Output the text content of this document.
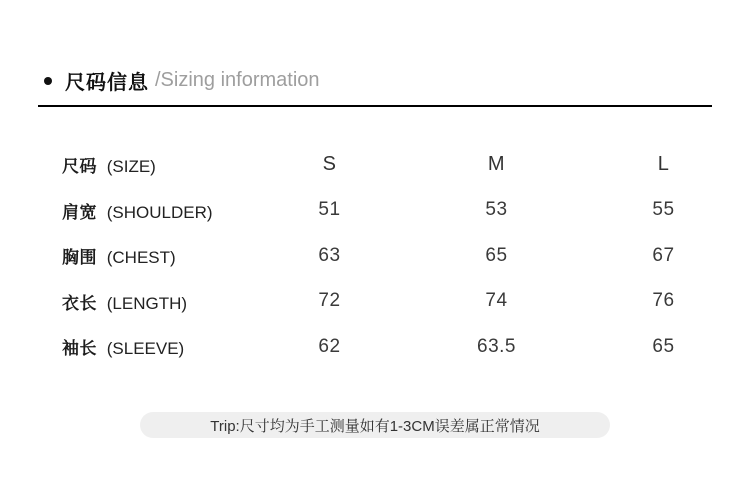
尺码信息 /Sizing information
尺码 (SIZE)	S	M	L
肩宽 (SHOULDER)	51	53	55
胸围 (CHEST)	63	65	67
衣长 (LENGTH)	72	74	76
袖长 (SLEEVE)	62	63.5	65
Trip:尺寸均为手工测量如有1-3CM误差属正常情况
